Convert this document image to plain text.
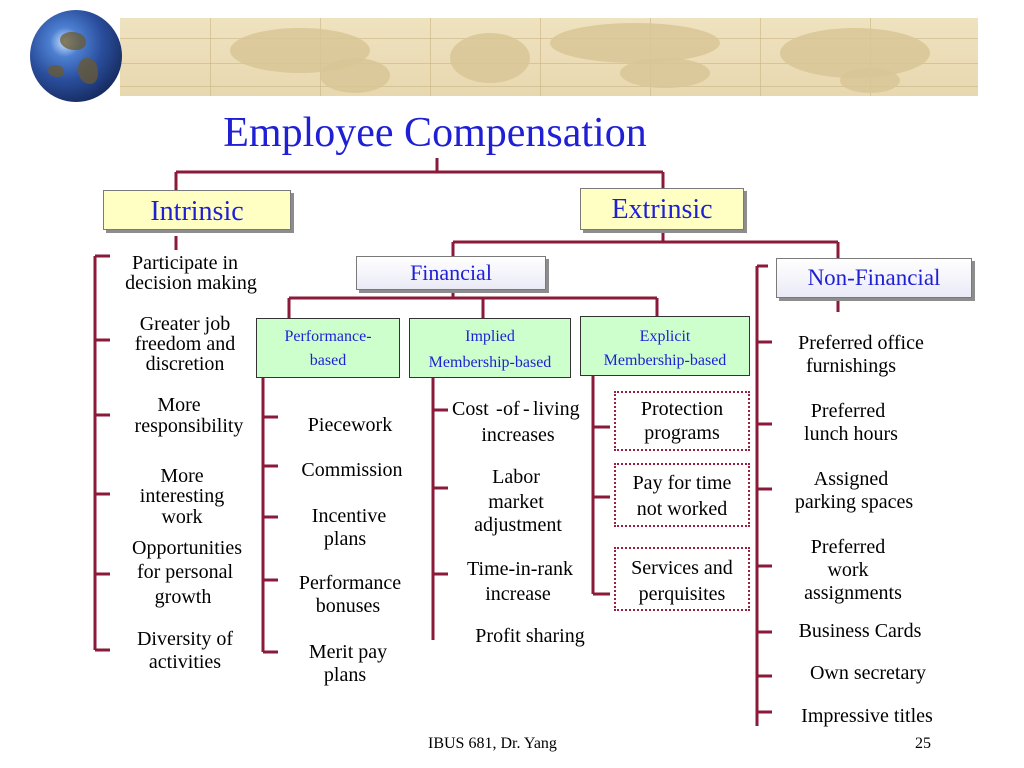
Employee Compensation
Intrinsic	Extrinsic
Financial	Non-Financial
Performance-
based
Implied
Membership-based
Explicit
Membership-based
Participate in
decision making
Greater job
freedom and
discretion
More
responsibility
More
interesting
work
Opportunities
for personal
growth
Diversity of
activities
Piecework
Commission
Incentive
plans
Performance
bonuses
Merit pay
plans
Cost - of - living
increases
Labor
market
adjustment
Time-in-rank
increase
Profit sharing
Protection
programs
Pay for time
not worked
Services and
perquisites
Preferred office
furnishings
Preferred
lunch hours
Assigned
parking spaces
Preferred
work
assignments
Business Cards
Own secretary
Impressive titles
IBUS 681, Dr. Yang	25
